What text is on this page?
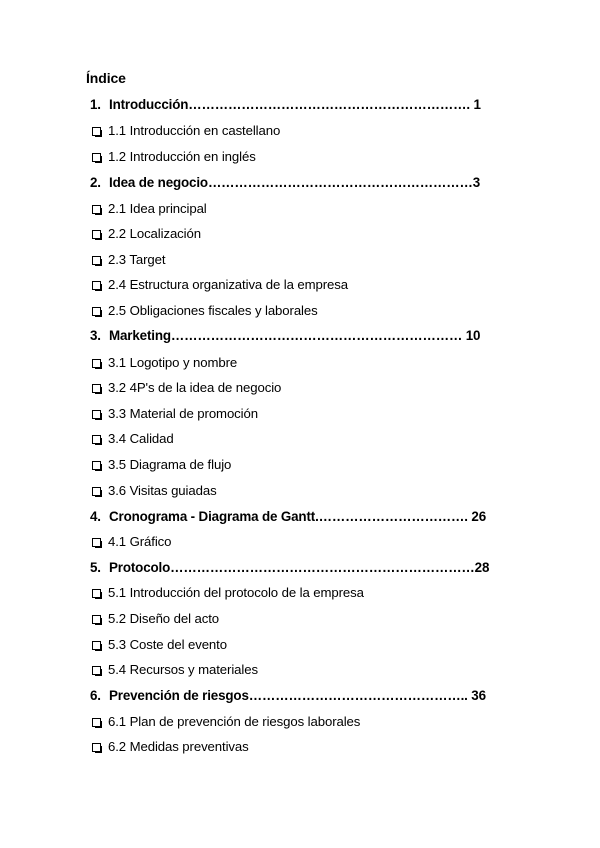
Índice
1. Introducción………………………………………………………. 1
1.1 Introducción en castellano
1.2 Introducción en inglés
2. Idea de negocio……………………………………………………3
2.1 Idea principal
2.2 Localización
2.3 Target
2.4 Estructura organizativa de la empresa
2.5 Obligaciones fiscales y laborales
3. Marketing………………………………………………………… 10
3.1 Logotipo y nombre
3.2 4P's de la idea de negocio
3.3 Material de promoción
3.4 Calidad
3.5 Diagrama de flujo
3.6 Visitas guiadas
4. Cronograma - Diagrama de Gantt.……………………………. 26
4.1 Gráfico
5. Protocolo……………………………………………………………28
5.1 Introducción del protocolo de la empresa
5.2 Diseño del acto
5.3 Coste del evento
5.4 Recursos y materiales
6. Prevención de riesgos………………………………………….. 36
6.1 Plan de prevención de riesgos laborales
6.2 Medidas preventivas
